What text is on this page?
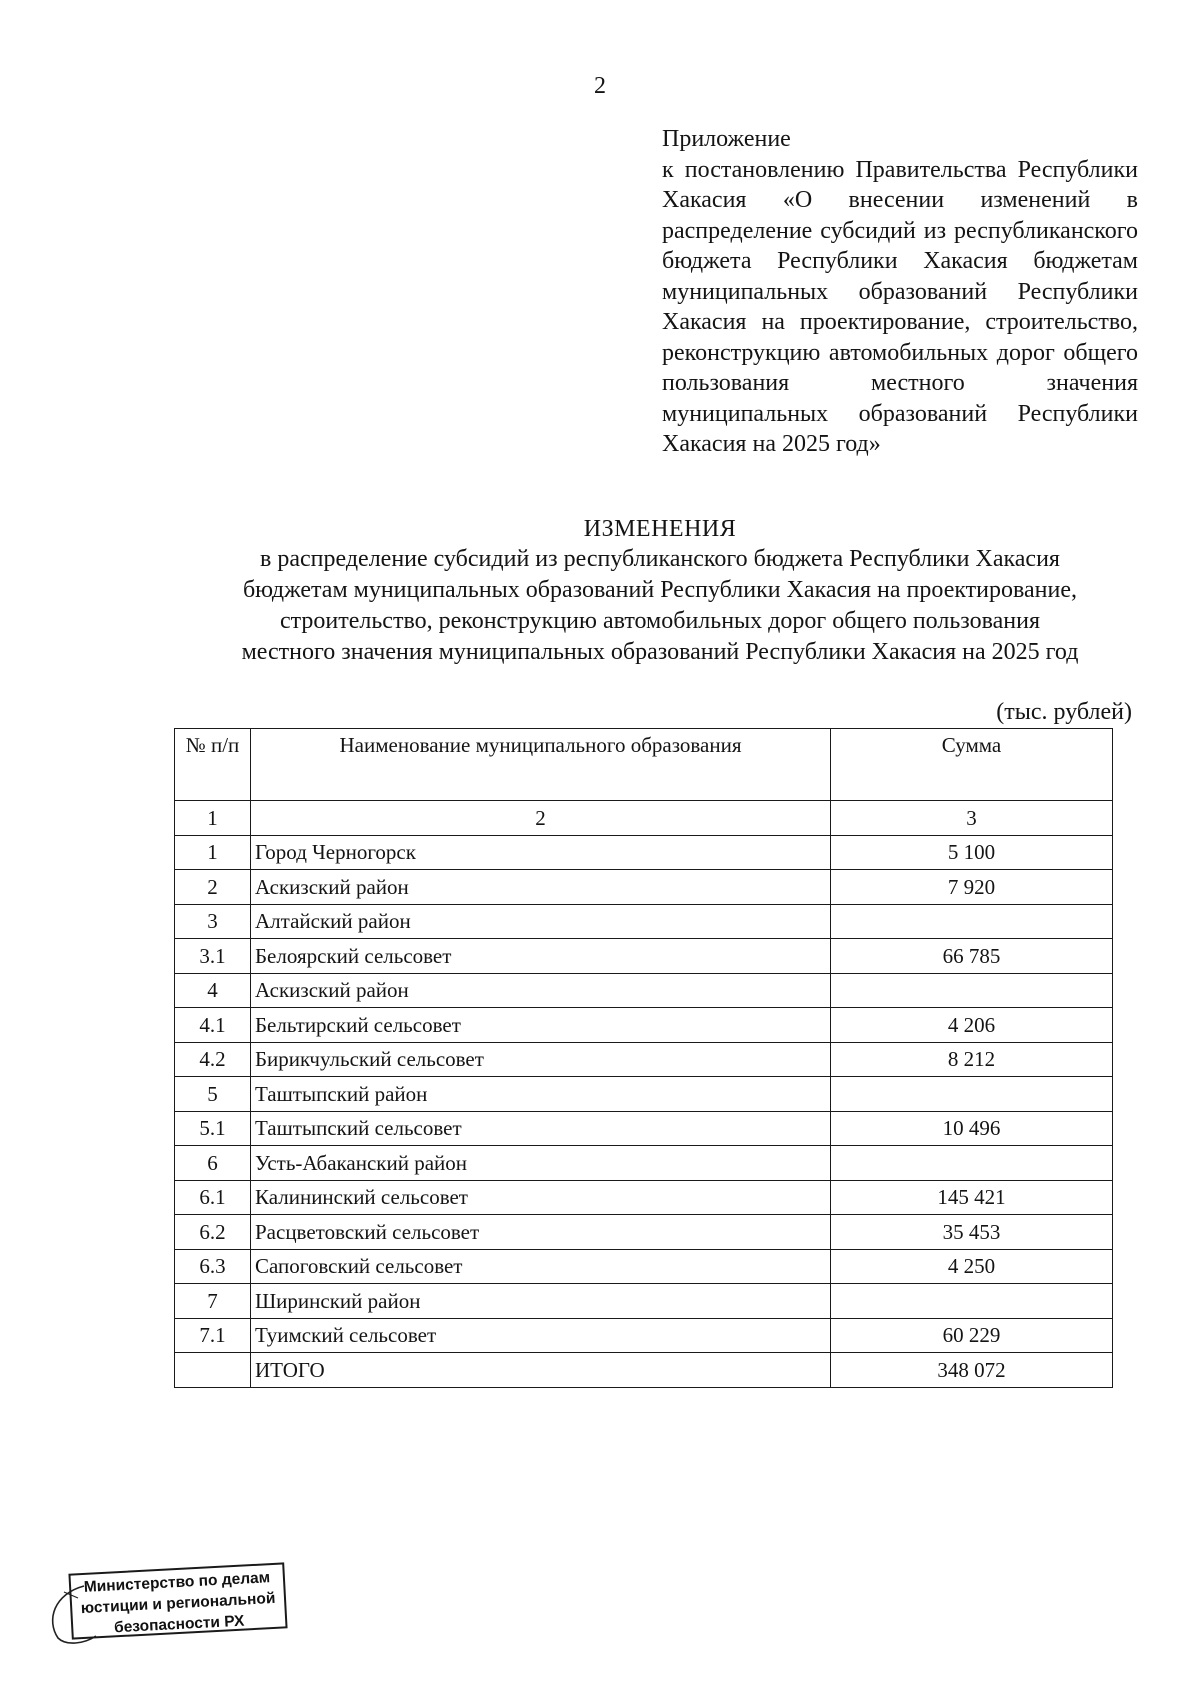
2
Приложение
к постановлению Правительства Республики Хакасия «О внесении изменений в распределение субсидий из республиканского бюджета Республики Хакасия бюджетам муниципальных образований Республики Хакасия на проектирование, строительство, реконструкцию автомобильных дорог общего пользования местного значения муниципальных образований Республики Хакасия на 2025 год»
ИЗМЕНЕНИЯ
в распределение субсидий из республиканского бюджета Республики Хакасия
бюджетам муниципальных образований Республики Хакасия на проектирование,
строительство, реконструкцию автомобильных дорог общего пользования
местного значения муниципальных образований Республики Хакасия на 2025 год
(тыс. рублей)
№ п/п	Наименование муниципального образования	Сумма
1	2	3
1	Город Черногорск	5 100
2	Аскизский район	7 920
3	Алтайский район	
3.1	Белоярский сельсовет	66 785
4	Аскизский район	
4.1	Бельтирский сельсовет	4 206
4.2	Бирикчульский сельсовет	8 212
5	Таштыпский район	
5.1	Таштыпский сельсовет	10 496
6	Усть-Абаканский район	
6.1	Калининский сельсовет	145 421
6.2	Расцветовский сельсовет	35 453
6.3	Сапоговский сельсовет	4 250
7	Ширинский район	
7.1	Туимский сельсовет	60 229
	ИТОГО	348 072
Министерство по делам
юстиции и региональной
безопасности РХ
